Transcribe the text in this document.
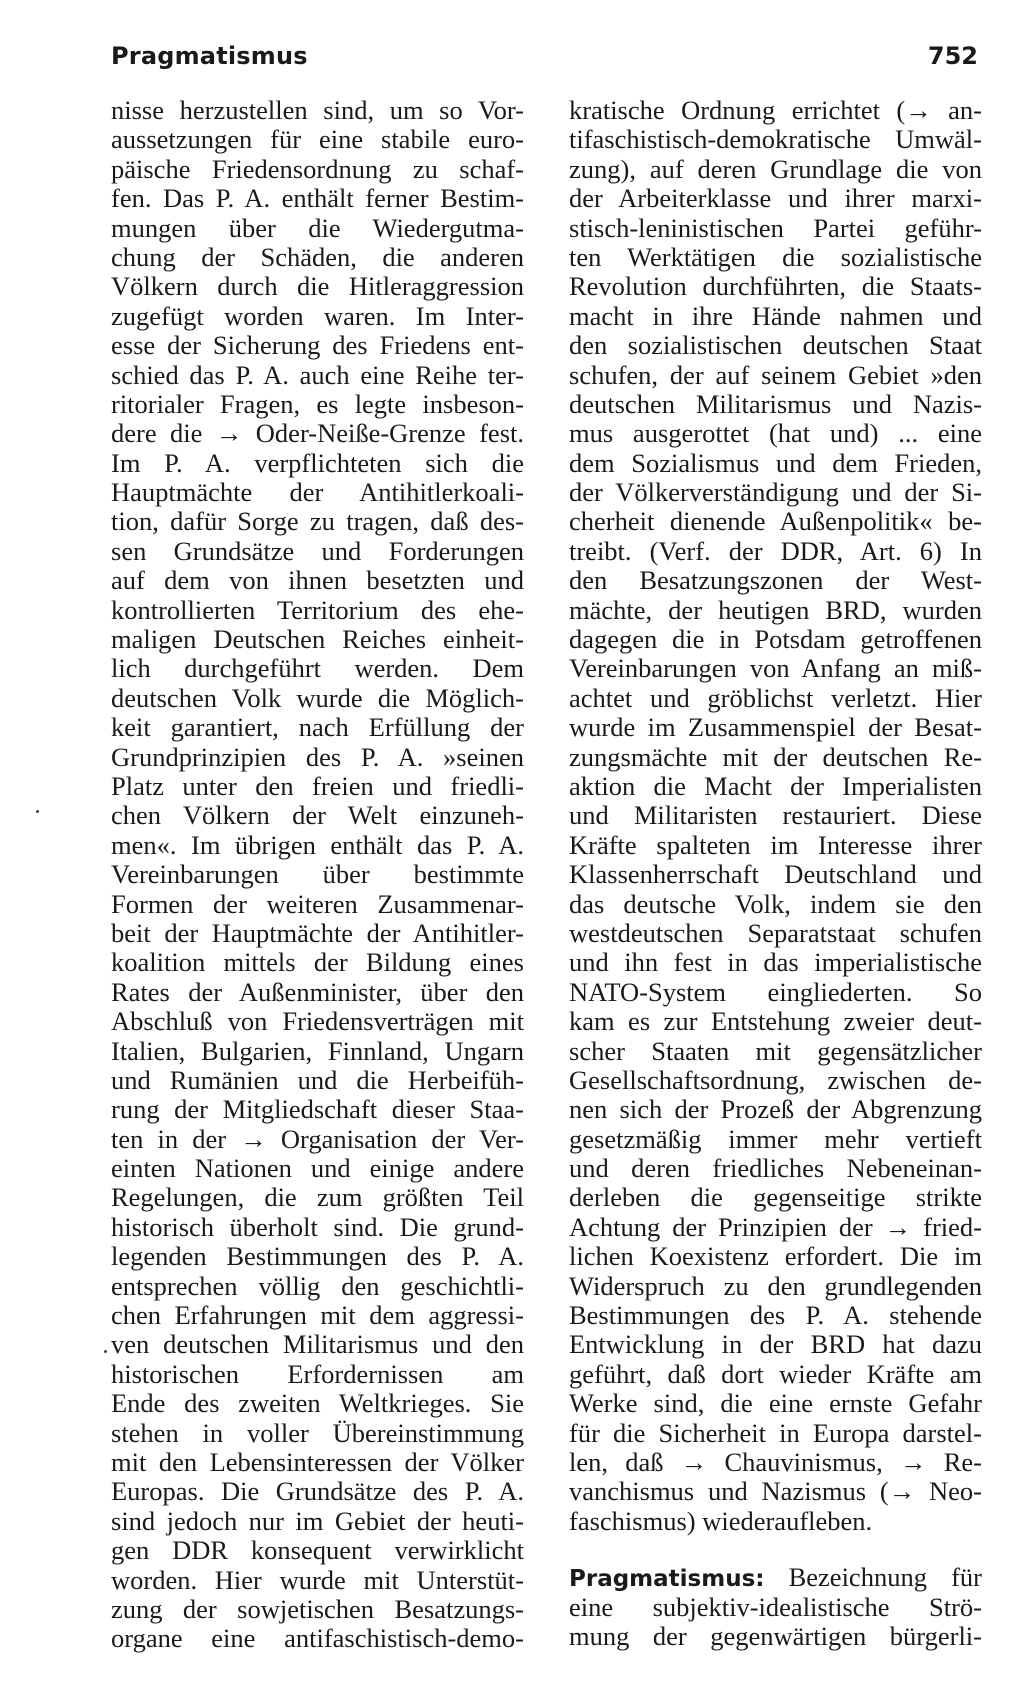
Pragmatismus	752
nisse herzustellen sind, um so Vor-
aussetzungen für eine stabile euro-
päische Friedensordnung zu schaf-
fen. Das P. A. enthält ferner Bestim-
mungen über die Wiedergutma-
chung der Schäden, die anderen
Völkern durch die Hitleraggression
zugefügt worden waren. Im Inter-
esse der Sicherung des Friedens ent-
schied das P. A. auch eine Reihe ter-
ritorialer Fragen, es legte insbeson-
dere die → Oder-Neiße-Grenze fest.
Im P. A. verpflichteten sich die
Hauptmächte der Antihitlerkoali-
tion, dafür Sorge zu tragen, daß des-
sen Grundsätze und Forderungen
auf dem von ihnen besetzten und
kontrollierten Territorium des ehe-
maligen Deutschen Reiches einheit-
lich durchgeführt werden. Dem
deutschen Volk wurde die Möglich-
keit garantiert, nach Erfüllung der
Grundprinzipien des P. A. »seinen
Platz unter den freien und friedli-
chen Völkern der Welt einzuneh-
men«. Im übrigen enthält das P. A.
Vereinbarungen über bestimmte
Formen der weiteren Zusammenar-
beit der Hauptmächte der Antihitler-
koalition mittels der Bildung eines
Rates der Außenminister, über den
Abschluß von Friedensverträgen mit
Italien, Bulgarien, Finnland, Ungarn
und Rumänien und die Herbeifüh-
rung der Mitgliedschaft dieser Staa-
ten in der → Organisation der Ver-
einten Nationen und einige andere
Regelungen, die zum größten Teil
historisch überholt sind. Die grund-
legenden Bestimmungen des P. A.
entsprechen völlig den geschichtli-
chen Erfahrungen mit dem aggressi-
ven deutschen Militarismus und den
historischen Erfordernissen am
Ende des zweiten Weltkrieges. Sie
stehen in voller Übereinstimmung
mit den Lebensinteressen der Völker
Europas. Die Grundsätze des P. A.
sind jedoch nur im Gebiet der heuti-
gen DDR konsequent verwirklicht
worden. Hier wurde mit Unterstüt-
zung der sowjetischen Besatzungs-
organe eine antifaschistisch-demo-
kratische Ordnung errichtet (→ an-
tifaschistisch-demokratische Umwäl-
zung), auf deren Grundlage die von
der Arbeiterklasse und ihrer marxi-
stisch-leninistischen Partei geführ-
ten Werktätigen die sozialistische
Revolution durchführten, die Staats-
macht in ihre Hände nahmen und
den sozialistischen deutschen Staat
schufen, der auf seinem Gebiet »den
deutschen Militarismus und Nazis-
mus ausgerottet (hat und) ... eine
dem Sozialismus und dem Frieden,
der Völkerverständigung und der Si-
cherheit dienende Außenpolitik« be-
treibt. (Verf. der DDR, Art. 6) In
den Besatzungszonen der West-
mächte, der heutigen BRD, wurden
dagegen die in Potsdam getroffenen
Vereinbarungen von Anfang an miß-
achtet und gröblichst verletzt. Hier
wurde im Zusammenspiel der Besat-
zungsmächte mit der deutschen Re-
aktion die Macht der Imperialisten
und Militaristen restauriert. Diese
Kräfte spalteten im Interesse ihrer
Klassenherrschaft Deutschland und
das deutsche Volk, indem sie den
westdeutschen Separatstaat schufen
und ihn fest in das imperialistische
NATO-System eingliederten. So
kam es zur Entstehung zweier deut-
scher Staaten mit gegensätzlicher
Gesellschaftsordnung, zwischen de-
nen sich der Prozeß der Abgrenzung
gesetzmäßig immer mehr vertieft
und deren friedliches Nebeneinan-
derleben die gegenseitige strikte
Achtung der Prinzipien der → fried-
lichen Koexistenz erfordert. Die im
Widerspruch zu den grundlegenden
Bestimmungen des P. A. stehende
Entwicklung in der BRD hat dazu
geführt, daß dort wieder Kräfte am
Werke sind, die eine ernste Gefahr
für die Sicherheit in Europa darstel-
len, daß → Chauvinismus, → Re-
vanchismus und Nazismus (→ Neo-
faschismus) wiederaufleben.
Pragmatismus: Bezeichnung für
eine subjektiv-idealistische Strö-
mung der gegenwärtigen bürgerli-
